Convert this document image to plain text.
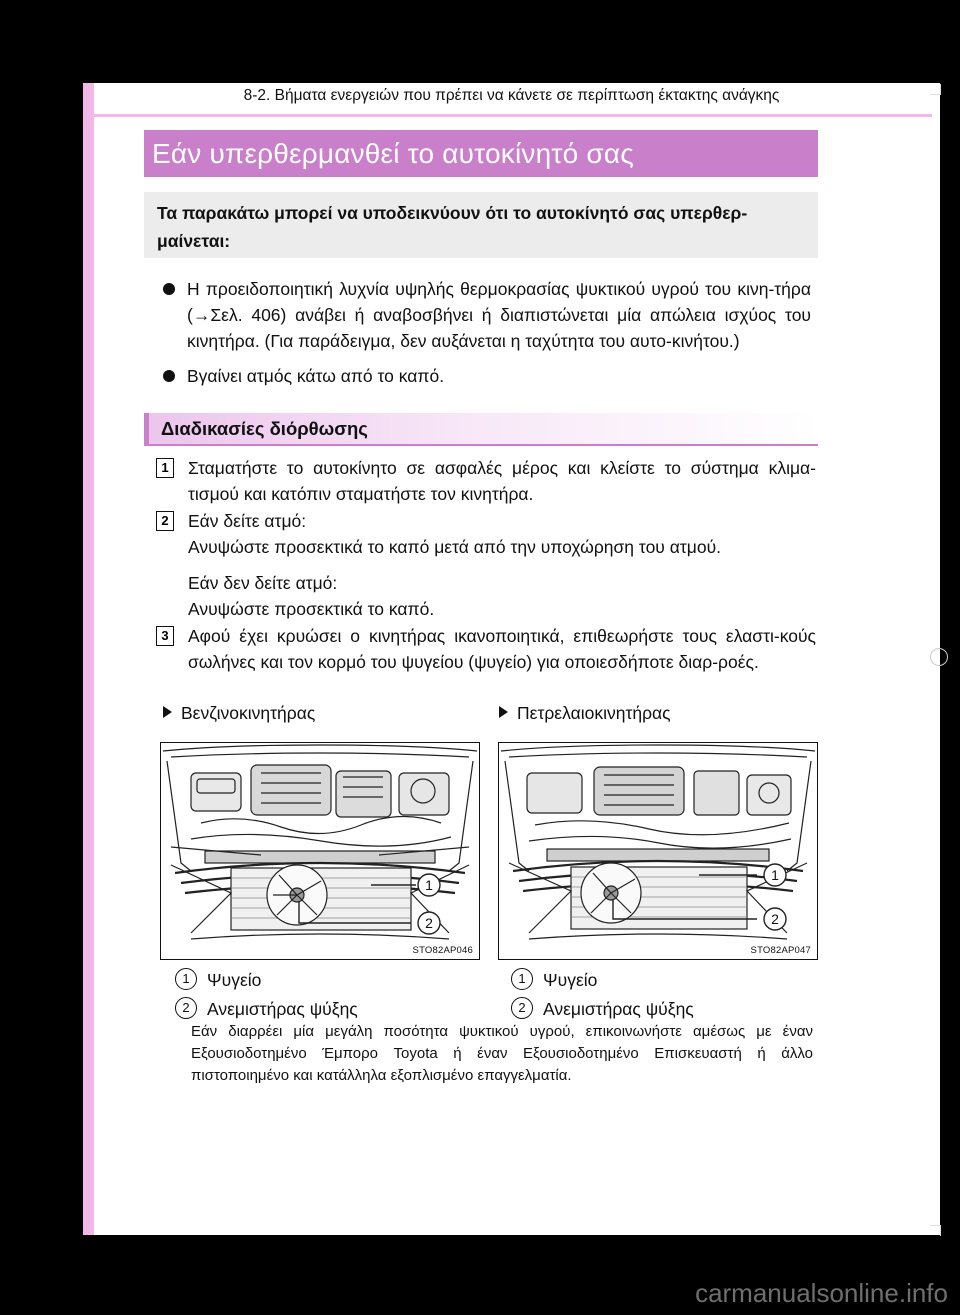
8-2. Βήματα ενεργειών που πρέπει να κάνετε σε περίπτωση έκτακτης ανάγκης
Εάν υπερθερμανθεί το αυτοκίνητό σας
Τα παρακάτω μπορεί να υποδεικνύουν ότι το αυτοκίνητό σας υπερθερ-μαίνεται:
Η προειδοποιητική λυχνία υψηλής θερμοκρασίας ψυκτικού υγρού του κινη-τήρα (→Σελ. 406) ανάβει ή αναβοσβήνει ή διαπιστώνεται μία απώλεια ισχύος του κινητήρα. (Για παράδειγμα, δεν αυξάνεται η ταχύτητα του αυτο-κινήτου.)
Βγαίνει ατμός κάτω από το καπό.
Διαδικασίες διόρθωσης
1	Σταματήστε το αυτοκίνητο σε ασφαλές μέρος και κλείστε το σύστημα κλιμα-τισμού και κατόπιν σταματήστε τον κινητήρα.

2	Εάν δείτε ατμό:
Ανυψώστε προσεκτικά το καπό μετά από την υποχώρηση του ατμού.

Εάν δεν δείτε ατμό:
Ανυψώστε προσεκτικά το καπό.

3	Αφού έχει κρυώσει ο κινητήρας ικανοποιητικά, επιθεωρήστε τους ελαστι-κούς σωλήνες και τον κορμό του ψυγείου (ψυγείο) για οποιεσδήποτε διαρ-ροές.

Βενζινοκινητήρας	Πετρελαιοκινητήρας
1
2
STO82AP046
1
2
STO82AP047
1 Ψυγείο
2 Ανεμιστήρας ψύξης
1 Ψυγείο
2 Ανεμιστήρας ψύξης
Εάν διαρρέει μία μεγάλη ποσότητα ψυκτικού υγρού, επικοινωνήστε αμέσως με έναν Εξουσιοδοτημένο Έμπορο Toyota ή έναν Εξουσιοδοτημένο Επισκευαστή ή άλλο πιστοποιημένο και κατάλληλα εξοπλισμένο επαγγελματία.
carmanualsonline.info
